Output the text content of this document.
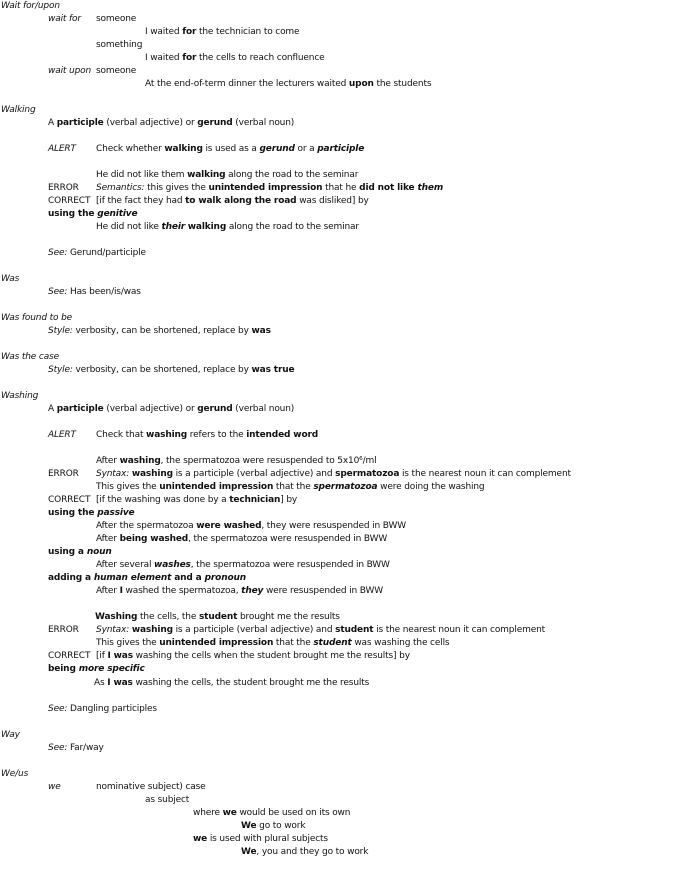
Wait for/upon
wait for someone
I waited for the technician to come
something
I waited for the cells to reach confluence
wait upon someone
At the end-of-term dinner the lecturers waited upon the students
Walking
A participle (verbal adjective) or gerund (verbal noun)
ALERT Check whether walking is used as a gerund or a participle
He did not like them walking along the road to the seminar
ERROR Semantics: this gives the unintended impression that he did not like them
CORRECT [if the fact they had to walk along the road was disliked] by
using the genitive
He did not like their walking along the road to the seminar
See: Gerund/participle
Was
See: Has been/is/was
Was found to be
Style: verbosity, can be shortened, replace by was
Was the case
Style: verbosity, can be shortened, replace by was true
Washing
A participle (verbal adjective) or gerund (verbal noun)
ALERT Check that washing refers to the intended word
After washing, the spermatozoa were resuspended to 5x10⁶/ml
ERROR Syntax: washing is a participle (verbal adjective) and spermatozoa is the nearest noun it can complement
This gives the unintended impression that the spermatozoa were doing the washing
CORRECT [if the washing was done by a technician] by
using the passive
After the spermatozoa were washed, they were resuspended in BWW
After being washed, the spermatozoa were resuspended in BWW
using a noun
After several washes, the spermatozoa were resuspended in BWW
adding a human element and a pronoun
After I washed the spermatozoa, they were resuspended in BWW
Washing the cells, the student brought me the results
ERROR Syntax: washing is a participle (verbal adjective) and student is the nearest noun it can complement
This gives the unintended impression that the student was washing the cells
CORRECT [if I was washing the cells when the student brought me the results] by
being more specific
As I was washing the cells, the student brought me the results
See: Dangling participles
Way
See: Far/way
We/us
we	nominative subject) case
as subject
where we would be used on its own
We go to work
we is used with plural subjects
We, you and they go to work
